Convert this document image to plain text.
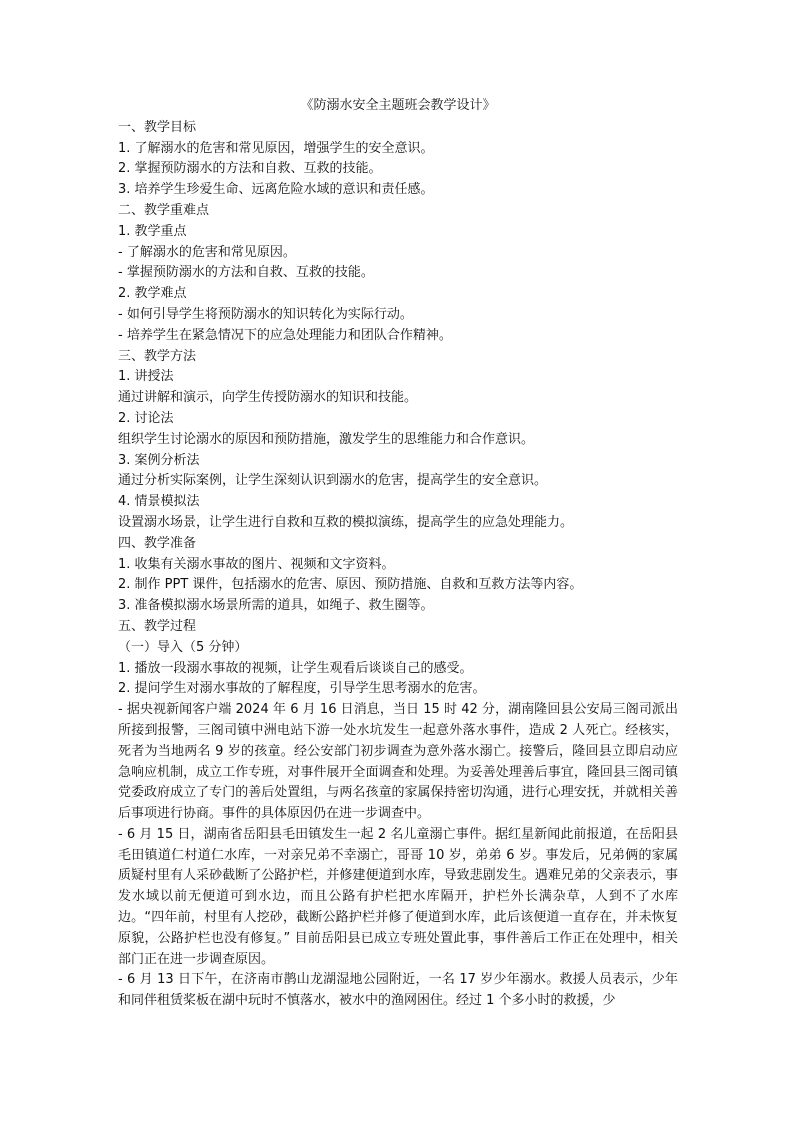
《防溺水安全主题班会教学设计》

一、教学目标

1. 了解溺水的危害和常见原因，增强学生的安全意识。

2. 掌握预防溺水的方法和自救、互救的技能。

3. 培养学生珍爱生命、远离危险水域的意识和责任感。

二、教学重难点

1. 教学重点

- 了解溺水的危害和常见原因。

- 掌握预防溺水的方法和自救、互救的技能。

2. 教学难点

- 如何引导学生将预防溺水的知识转化为实际行动。

- 培养学生在紧急情况下的应急处理能力和团队合作精神。

三、教学方法

1. 讲授法

通过讲解和演示，向学生传授防溺水的知识和技能。

2. 讨论法

组织学生讨论溺水的原因和预防措施，激发学生的思维能力和合作意识。

3. 案例分析法

通过分析实际案例，让学生深刻认识到溺水的危害，提高学生的安全意识。

4. 情景模拟法

设置溺水场景，让学生进行自救和互救的模拟演练，提高学生的应急处理能力。

四、教学准备

1. 收集有关溺水事故的图片、视频和文字资料。

2. 制作 PPT 课件，包括溺水的危害、原因、预防措施、自救和互救方法等内容。

3. 准备模拟溺水场景所需的道具，如绳子、救生圈等。

五、教学过程

（一）导入（5 分钟）

1. 播放一段溺水事故的视频，让学生观看后谈谈自己的感受。

2. 提问学生对溺水事故的了解程度，引导学生思考溺水的危害。

- 据央视新闻客户端 2024 年 6 月 16 日消息，当日 15 时 42 分，湖南隆回县公安局三阁司派出所接到报警，三阁司镇中洲电站下游一处水坑发生一起意外落水事件，造成 2 人死亡。经核实，死者为当地两名 9 岁的孩童。经公安部门初步调查为意外落水溺亡。接警后，隆回县立即启动应急响应机制，成立工作专班，对事件展开全面调查和处理。为妥善处理善后事宜，隆回县三阁司镇党委政府成立了专门的善后处置组，与两名孩童的家属保持密切沟通，进行心理安抚，并就相关善后事项进行协商。事件的具体原因仍在进一步调查中。

- 6 月 15 日，湖南省岳阳县毛田镇发生一起 2 名儿童溺亡事件。据红星新闻此前报道，在岳阳县毛田镇道仁村道仁水库，一对亲兄弟不幸溺亡，哥哥 10 岁，弟弟 6 岁。事发后，兄弟俩的家属质疑村里有人采砂截断了公路护栏，并修建便道到水库，导致悲剧发生。遇难兄弟的父亲表示，事发水域以前无便道可到水边，而且公路有护栏把水库隔开，护栏外长满杂草，人到不了水库边。“四年前，村里有人挖砂，截断公路护栏并修了便道到水库，此后该便道一直存在，并未恢复原貌，公路护栏也没有修复。” 目前岳阳县已成立专班处置此事，事件善后工作正在处理中，相关部门正在进一步调查原因。

- 6 月 13 日下午，在济南市鹊山龙湖湿地公园附近，一名 17 岁少年溺水。救援人员表示，少年和同伴租赁桨板在湖中玩时不慎落水，被水中的渔网困住。经过 1 个多小时的救援，少
